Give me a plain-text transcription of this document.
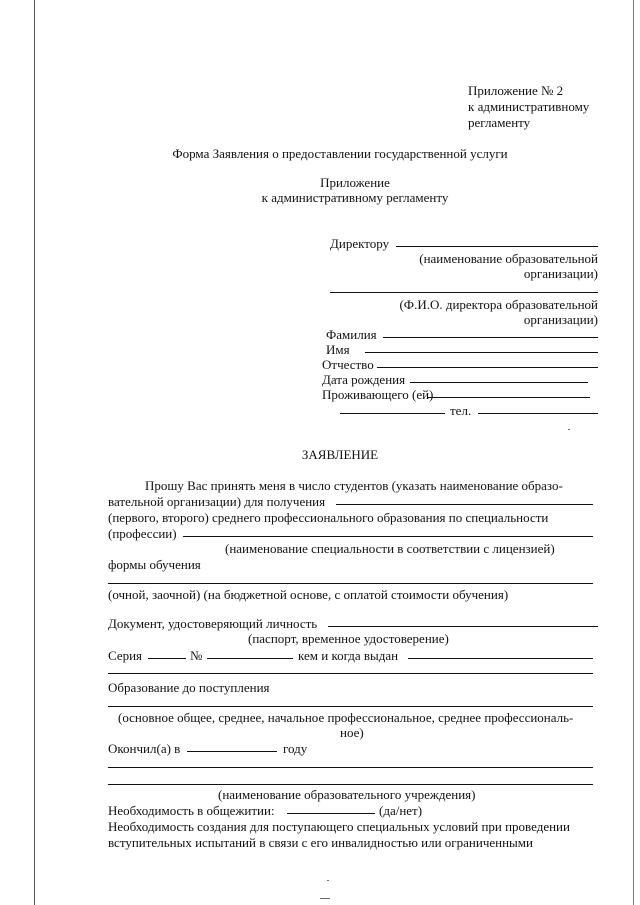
Приложение № 2
к административному
регламенту
Форма Заявления о предоставлении государственной услуги
Приложение
к административному регламенту
Директору
(наименование образовательной
организации)
(Ф.И.О. директора образовательной
организации)
Фамилия
Имя
Отчество
Дата рождения
Проживающего (ей)
тел.
ЗАЯВЛЕНИЕ
Прошу Вас принять меня в число студентов (указать наименование образо-
вательной организации) для получения
(первого, второго) среднего профессионального образования по специальности
(профессии)
(наименование специальности в соответствии с лицензией)
формы обучения
(очной, заочной) (на бюджетной основе, с оплатой стоимости обучения)
Документ, удостоверяющий личность
(паспорт, временное удостоверение)
Серия	№	кем и когда выдан
Образование до поступления
(основное общее, среднее, начальное профессиональное, среднее профессиональ-
ное)
Окончил(а) в	году
(наименование образовательного учреждения)
Необходимость в общежитии:	(да/нет)
Необходимость создания для поступающего специальных условий при проведении
вступительных испытаний в связи с его инвалидностью или ограниченными
